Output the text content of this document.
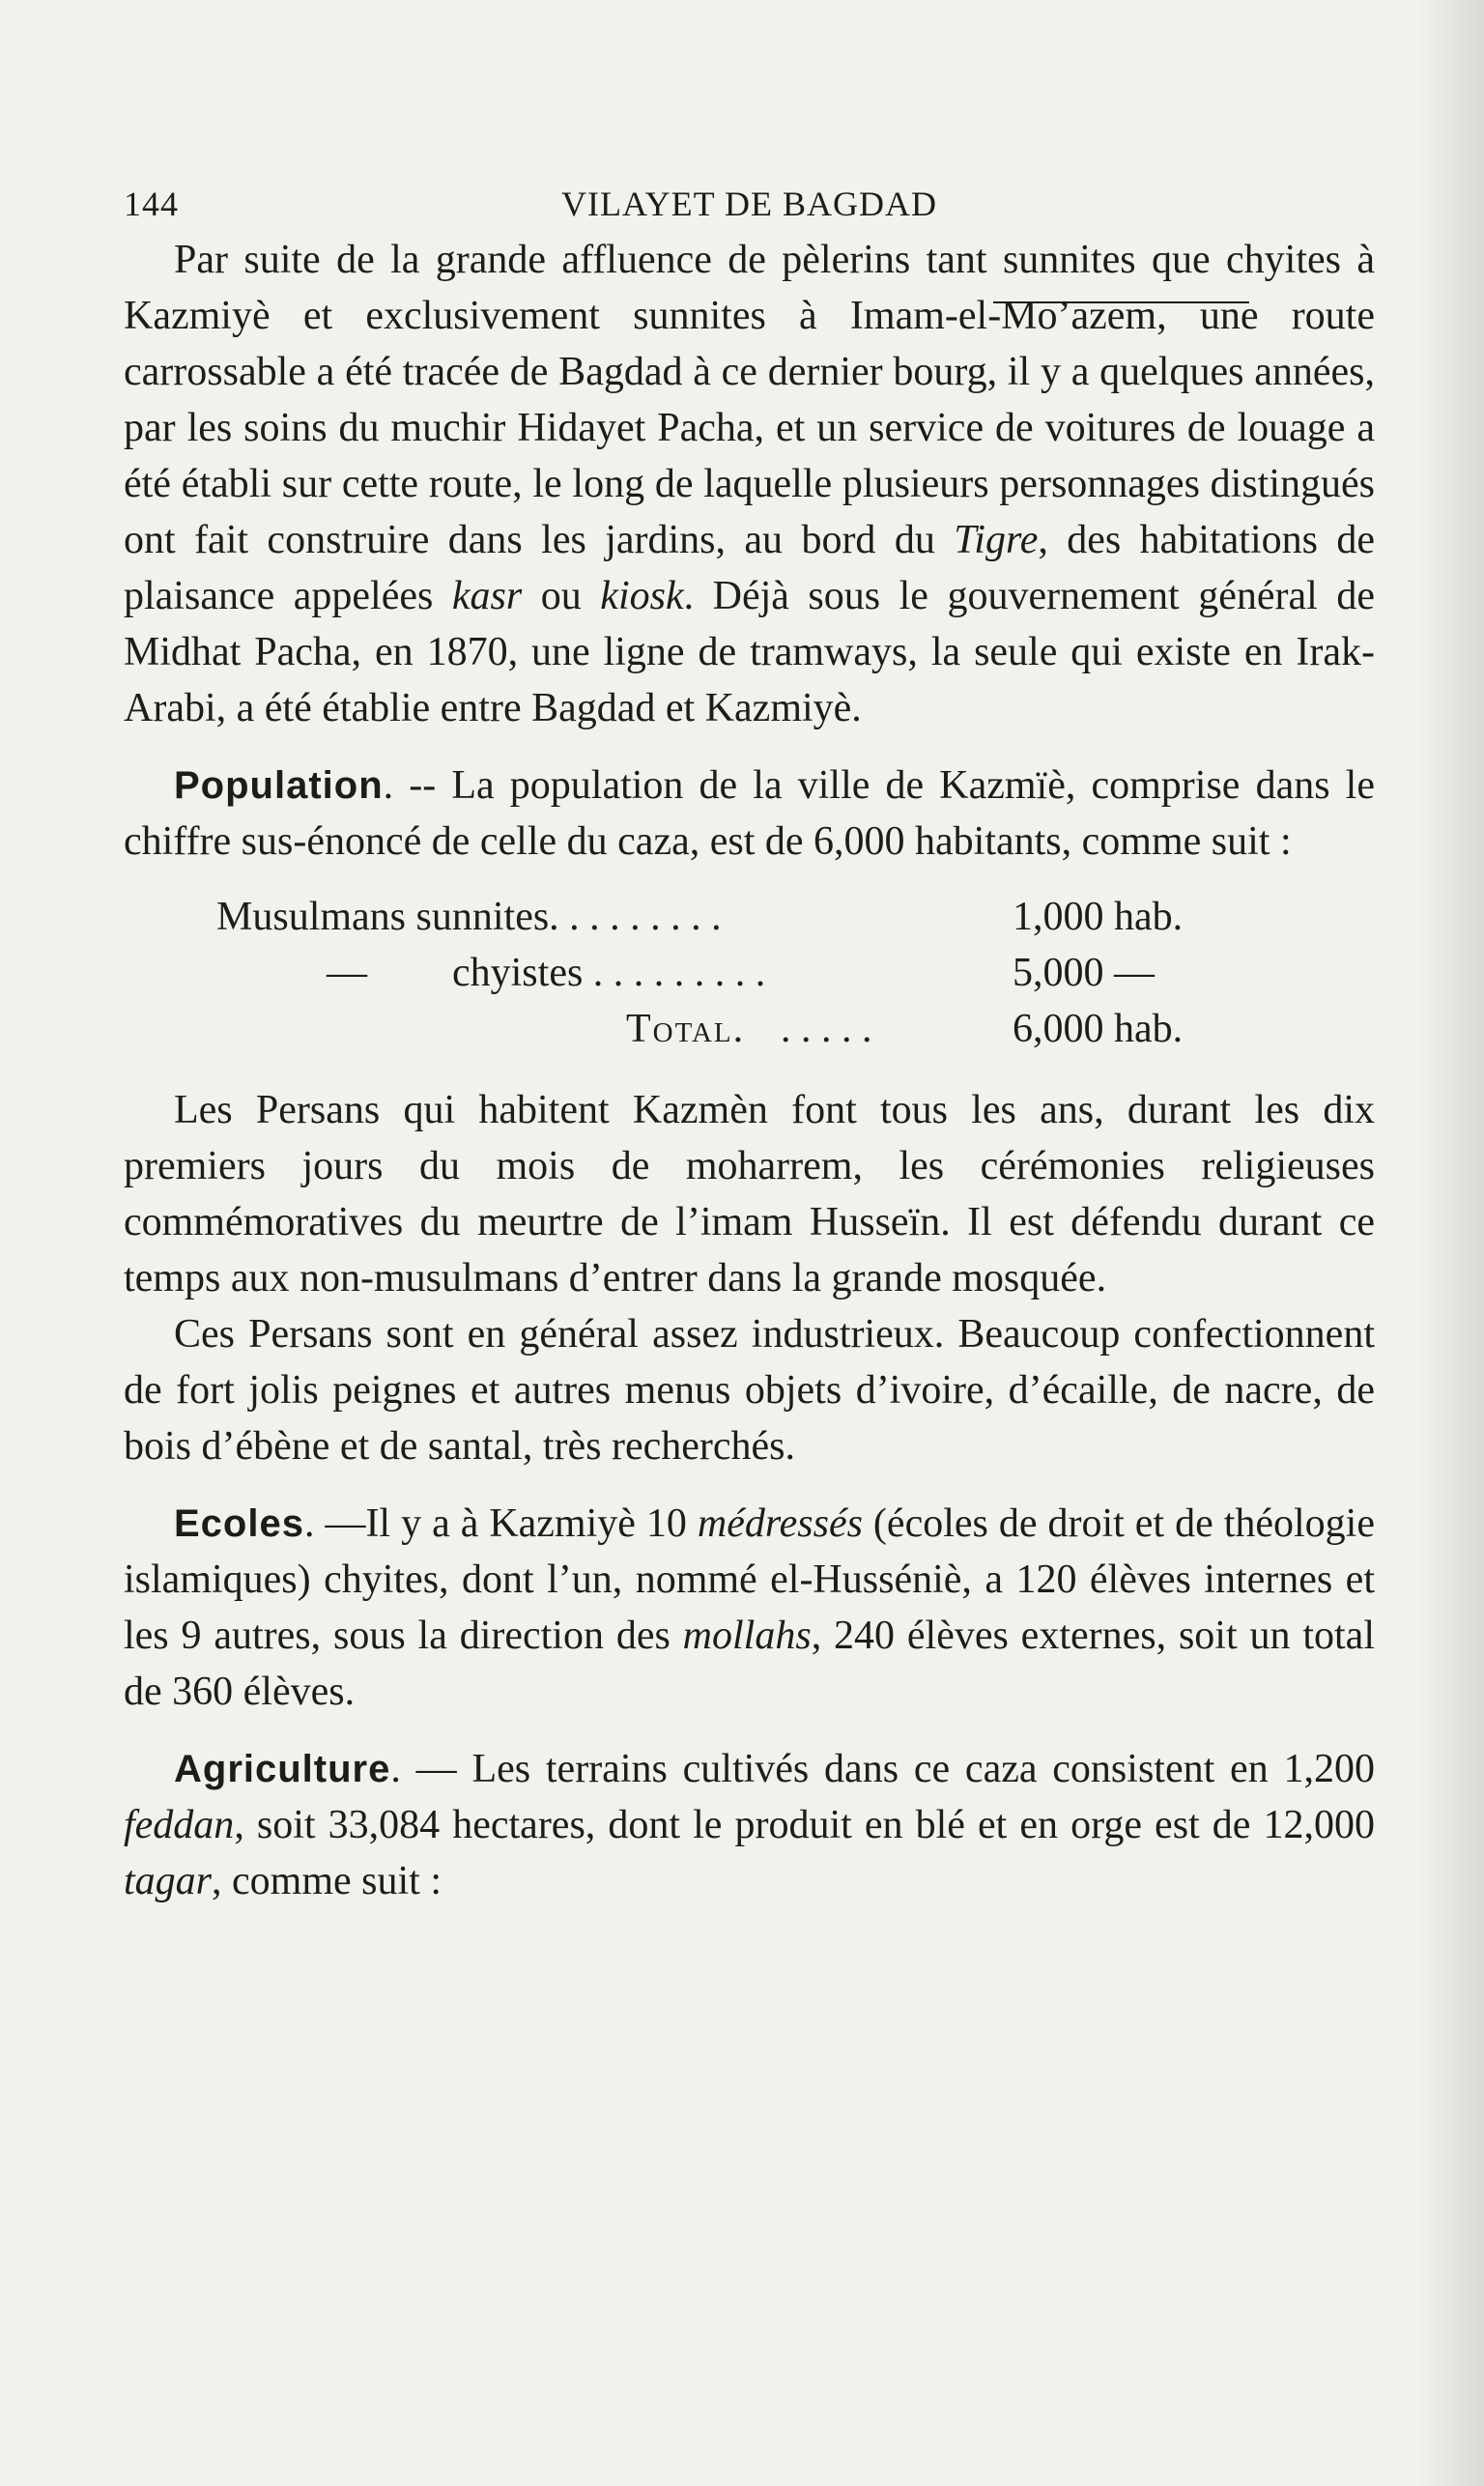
144	VILAYET DE BAGDAD

Par suite de la grande affluence de pèlerins tant sunnites que chyites à Kazmiyè et exclusivement sunnites à Imam-el-Mo’azem, une route carrossable a été tracée de Bagdad à ce dernier bourg, il y a quelques années, par les soins du muchir Hidayet Pacha, et un service de voitures de louage a été établi sur cette route, le long de laquelle plusieurs personnages distingués ont fait construire dans les jardins, au bord du Tigre, des habitations de plaisance appelées kasr ou kiosk. Déjà sous le gouvernement général de Midhat Pacha, en 1870, une ligne de tramways, la seule qui existe en Irak-Arabi, a été établie entre Bagdad et Kazmiyè.

Population. -- La population de la ville de Kazmïè, comprise dans le chiffre sus-énoncé de celle du caza, est de 6,000 habitants, comme suit :

Musulmans sunnites. . . . . . . . .	1,000 hab.
— chyistes . . . . . . . . .	5,000 —
Total. . . . . .	6,000 hab.

Les Persans qui habitent Kazmèn font tous les ans, durant les dix premiers jours du mois de moharrem, les cérémonies religieuses commémoratives du meurtre de l’imam Husseïn. Il est défendu durant ce temps aux non-musulmans d’entrer dans la grande mosquée.

Ces Persans sont en général assez industrieux. Beaucoup confectionnent de fort jolis peignes et autres menus objets d’ivoire, d’écaille, de nacre, de bois d’ébène et de santal, très recherchés.

Ecoles. —Il y a à Kazmiyè 10 médressés (écoles de droit et de théologie islamiques) chyites, dont l’un, nommé el-Husséniè, a 120 élèves internes et les 9 autres, sous la direction des mollahs, 240 élèves externes, soit un total de 360 élèves.

Agriculture. — Les terrains cultivés dans ce caza consistent en 1,200 feddan, soit 33,084 hectares, dont le produit en blé et en orge est de 12,000 tagar, comme suit :
